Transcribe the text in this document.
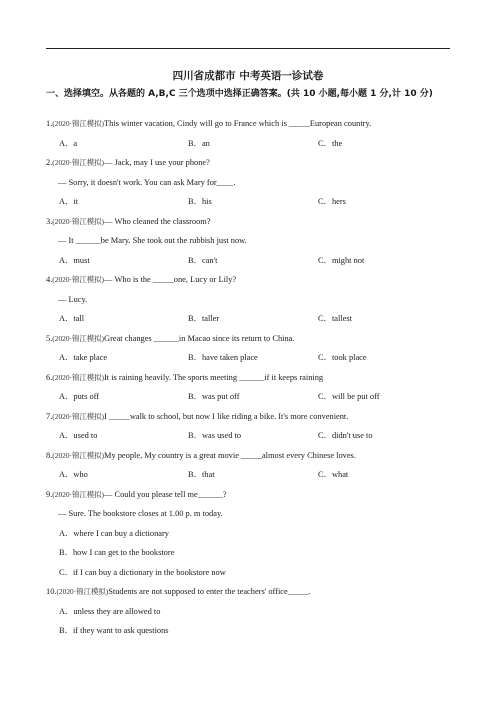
四川省成都市 中考英语一诊试卷
一、选择填空。从各题的 A,B,C 三个选项中选择正确答案。(共 10 小题,每小题 1 分,计 10 分)
1.(2020·锦江模拟)This winter vacation, Cindy will go to France which is _____European country.
A．a	B．an	C．the
2.(2020·锦江模拟)— Jack, may I use your phone?
— Sorry, it doesn't work. You can ask Mary for____.
A．it	B．his	C．hers
3.(2020·锦江模拟)— Who cleaned the classroom?
— It ______be Mary. She took out the rubbish just now.
A．must	B．can't	C．might not
4.(2020·锦江模拟)— Who is the _____one, Lucy or Lily?
— Lucy.
A．tall	B．taller	C．tallest
5.(2020·锦江模拟)Great changes ______in Macao since its return to China.
A．take place	B．have taken place	C．took place
6.(2020·锦江模拟)It is raining heavily. The sports meeting ______if it keeps raining
A．puts off	B．was put off	C．will be put off
7.(2020·锦江模拟)I _____walk to school, but now I like riding a bike. It's more convenient.
A．used to	B．was used to	C．didn't use to
8.(2020·锦江模拟)My people, My country is a great movie _____almost every Chinese loves.
A．who	B．that	C．what
9.(2020·锦江模拟)— Could you please tell me______?
— Sure. The bookstore closes at 1.00 p. m today.
A．where I can buy a dictionary
B．how I can get to the bookstore
C．if I can buy a dictionary in the bookstore now
10.(2020·锦江模拟)Students are not supposed to enter the teachers' office_____.
A．unless they are allowed to
B．if they want to ask questions
